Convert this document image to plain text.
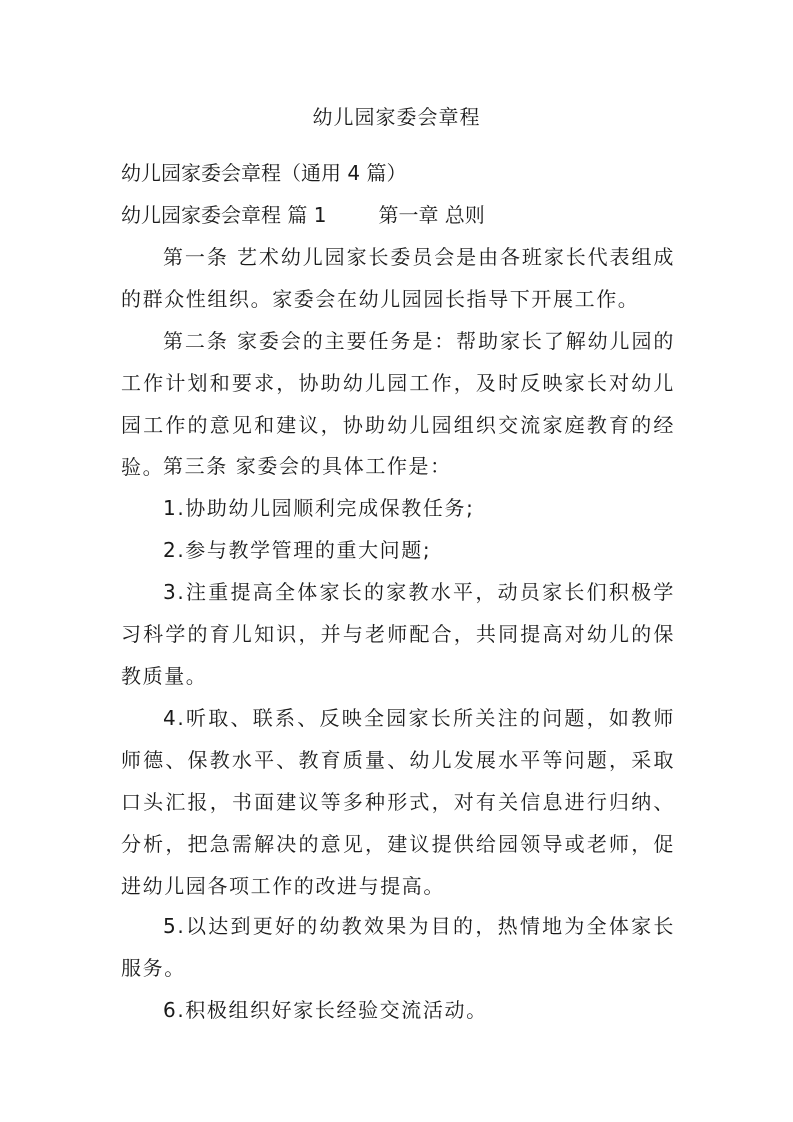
幼儿园家委会章程
幼儿园家委会章程（通用 4 篇）
幼儿园家委会章程 篇 1	第一章 总则
第一条 艺术幼儿园家长委员会是由各班家长代表组成的群众性组织。家委会在幼儿园园长指导下开展工作。
第二条 家委会的主要任务是：帮助家长了解幼儿园的工作计划和要求，协助幼儿园工作，及时反映家长对幼儿园工作的意见和建议，协助幼儿园组织交流家庭教育的经验。
第三条 家委会的具体工作是：
1.协助幼儿园顺利完成保教任务;
2.参与教学管理的重大问题;
3.注重提高全体家长的家教水平，动员家长们积极学习科学的育儿知识，并与老师配合，共同提高对幼儿的保教质量。
4.听取、联系、反映全园家长所关注的问题，如教师师德、保教水平、教育质量、幼儿发展水平等问题，采取口头汇报，书面建议等多种形式，对有关信息进行归纳、分析，把急需解决的意见，建议提供给园领导或老师，促进幼儿园各项工作的改进与提高。
5.以达到更好的幼教效果为目的，热情地为全体家长服务。
6.积极组织好家长经验交流活动。
